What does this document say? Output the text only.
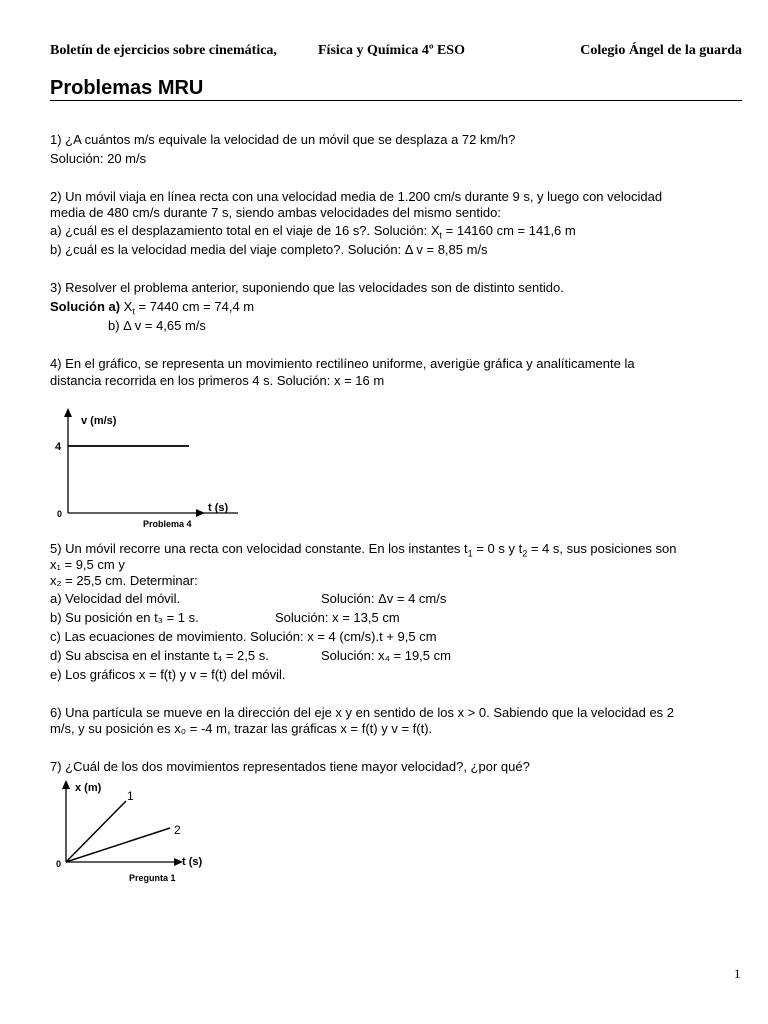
Boletín de ejercicios sobre cinemática,	Física y Química 4º ESO	Colegio Ángel de la guarda
Problemas MRU
1) ¿A cuántos m/s equivale la velocidad de un móvil que se desplaza a 72 km/h?
Solución: 20 m/s
2) Un móvil viaja en línea recta con una velocidad media de 1.200 cm/s durante 9 s, y luego con velocidad
media de 480 cm/s durante 7 s, siendo ambas velocidades del mismo sentido:
a) ¿cuál es el desplazamiento total en el viaje de 16 s?. Solución: $X_t = 14160$ cm = 141,6 m
b) ¿cuál es la velocidad media del viaje completo?. Solución: Δ v = 8,85 m/s
3) Resolver el problema anterior, suponiendo que las velocidades son de distinto sentido.
Solución a) $X_t = 7440$ cm = 74,4 m
b) Δ v = 4,65 m/s
4) En el gráfico, se representa un movimiento rectilíneo uniforme, averigüe gráfica y analíticamente la
distancia recorrida en los primeros 4 s. Solución: x = 16 m
v (m/s)
t (s)
4
0
Problema 4
5) Un móvil recorre una recta con velocidad constante. En los instantes $t_1 = 0$ s y $t_2 = 4$ s, sus posiciones son
x₁ = 9,5 cm y
x₂ = 25,5 cm. Determinar:
a) Velocidad del móvil.	Solución: Δv = 4 cm/s
b) Su posición en t₃ = 1 s.	Solución: x = 13,5 cm
c) Las ecuaciones de movimiento. Solución: x = 4 (cm/s).t + 9,5 cm
d) Su abscisa en el instante t₄ = 2,5 s.	Solución: x₄ = 19,5 cm
e) Los gráficos x = f(t) y v = f(t) del móvil.
6) Una partícula se mueve en la dirección del eje x y en sentido de los x > 0. Sabiendo que la velocidad es 2
m/s, y su posición es x₀ = -4 m, trazar las gráficas x = f(t) y v = f(t).
7) ¿Cuál de los dos movimientos representados tiene mayor velocidad?, ¿por qué?
x (m)
t (s)
1
2
0
Pregunta 1
1
